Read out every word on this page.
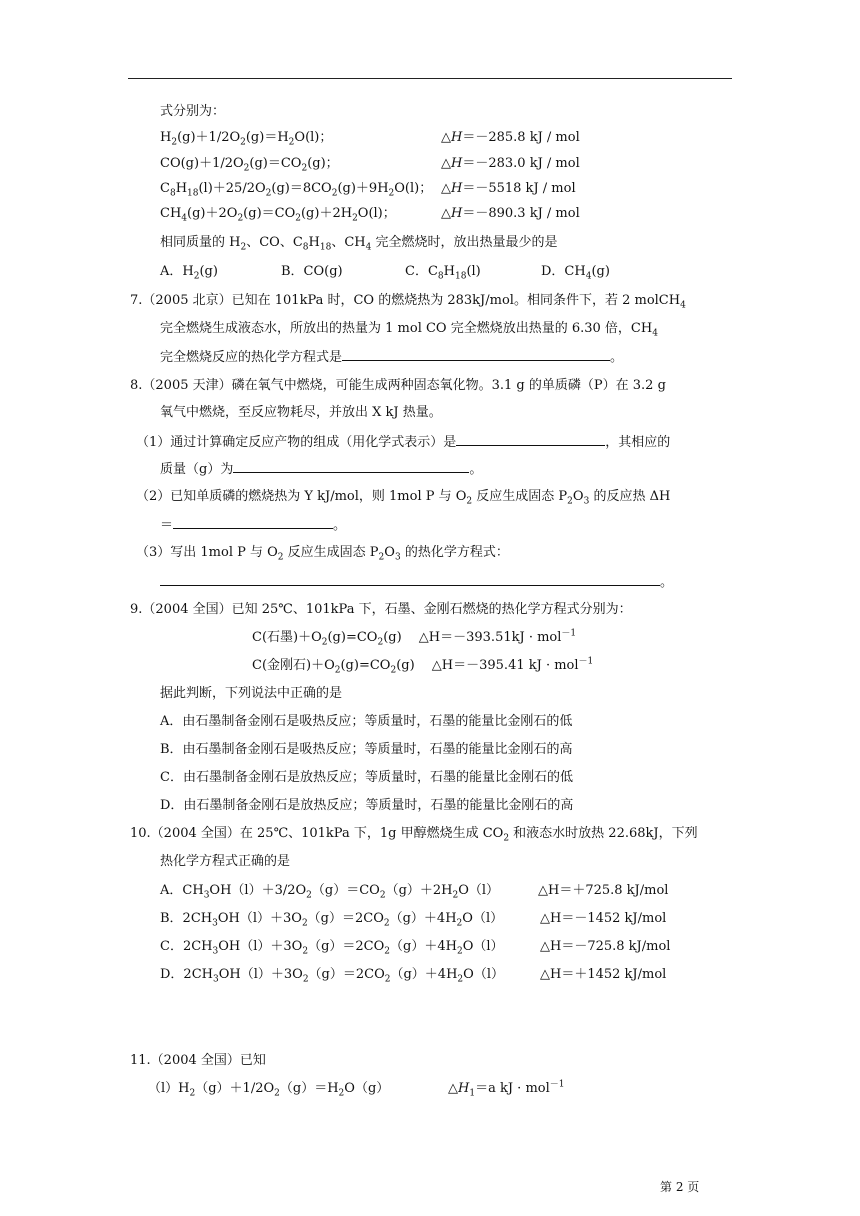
式分别为：
$H_2(g)+1/2O_2(g)=H_2O(l)$；	△H＝－285.8 kJ / mol
$CO(g)+1/2O_2(g)=CO_2(g)$；	△H＝－283.0 kJ / mol
$C_8H_{18}(l)+25/2O_2(g)=8CO_2(g)+9H_2O(l)$； △H＝－5518 kJ / mol
$CH_4(g)+2O_2(g)=CO_2(g)+2H_2O(l)$；	△H＝－890.3 kJ / mol
相同质量的 $H_2$、CO、$C_8H_{18}$、$CH_4$ 完全燃烧时，放出热量最少的是
A．$H_2(g)$	B．CO(g)	C．$C_8H_{18}(l)$	D．$CH_4(g)$
7.（2005 北京）已知在 101kPa 时，CO 的燃烧热为 283kJ/mol。相同条件下，若 2 molCH$_4$
完全燃烧生成液态水，所放出的热量为 1 mol CO 完全燃烧放出热量的 6.30 倍，$CH_4$
完全燃烧反应的热化学方程式是	。
8.（2005 天津）磷在氧气中燃烧，可能生成两种固态氧化物。3.1 g 的单质磷（P）在 3.2 g
氧气中燃烧，至反应物耗尽，并放出 X kJ 热量。
（1）通过计算确定反应产物的组成（用化学式表示）是	，其相应的
质量（g）为	。
（2）已知单质磷的燃烧热为 Y kJ/mol，则 1mol P 与 $O_2$ 反应生成固态 $P_2O_3$ 的反应热 ΔH
＝	。
（3）写出 1mol P 与 $O_2$ 反应生成固态 $P_2O_3$ 的热化学方程式：
。
9.（2004 全国）已知 25℃、101kPa 下，石墨、金刚石燃烧的热化学方程式分别为：
C(石墨)$+O_2(g)=CO_2(g)$　 △H＝－393.51kJ · mol$^{-1}$
C(金刚石)$+O_2(g)=CO_2(g)$　 △H＝－395.41 kJ · mol$^{-1}$
据此判断，下列说法中正确的是
A．由石墨制备金刚石是吸热反应；等质量时，石墨的能量比金刚石的低
B．由石墨制备金刚石是吸热反应；等质量时，石墨的能量比金刚石的高
C．由石墨制备金刚石是放热反应；等质量时，石墨的能量比金刚石的低
D．由石墨制备金刚石是放热反应；等质量时，石墨的能量比金刚石的高
10.（2004 全国）在 25℃、101kPa 下，1g 甲醇燃烧生成 $CO_2$ 和液态水时放热 22.68kJ，下列
热化学方程式正确的是
A．$CH_3OH(l)+3/2O_2(g)=CO_2(g)+2H_2O(l)$	△H＝＋725.8 kJ/mol
B．$2CH_3OH(l)+3O_2(g)=2CO_2(g)+4H_2O(l)$	△H＝－1452 kJ/mol
C．$2CH_3OH(l)+3O_2(g)=2CO_2(g)+4H_2O(l)$	△H＝－725.8 kJ/mol
D．$2CH_3OH(l)+3O_2(g)=2CO_2(g)+4H_2O(l)$	△H＝＋1452 kJ/mol
11.（2004 全国）已知
$(l)H_2(g)+1/2O_2(g)=H_2O(g)$	$\triangle H_1=a$ kJ · mol$^{-1}$
第 2 页
